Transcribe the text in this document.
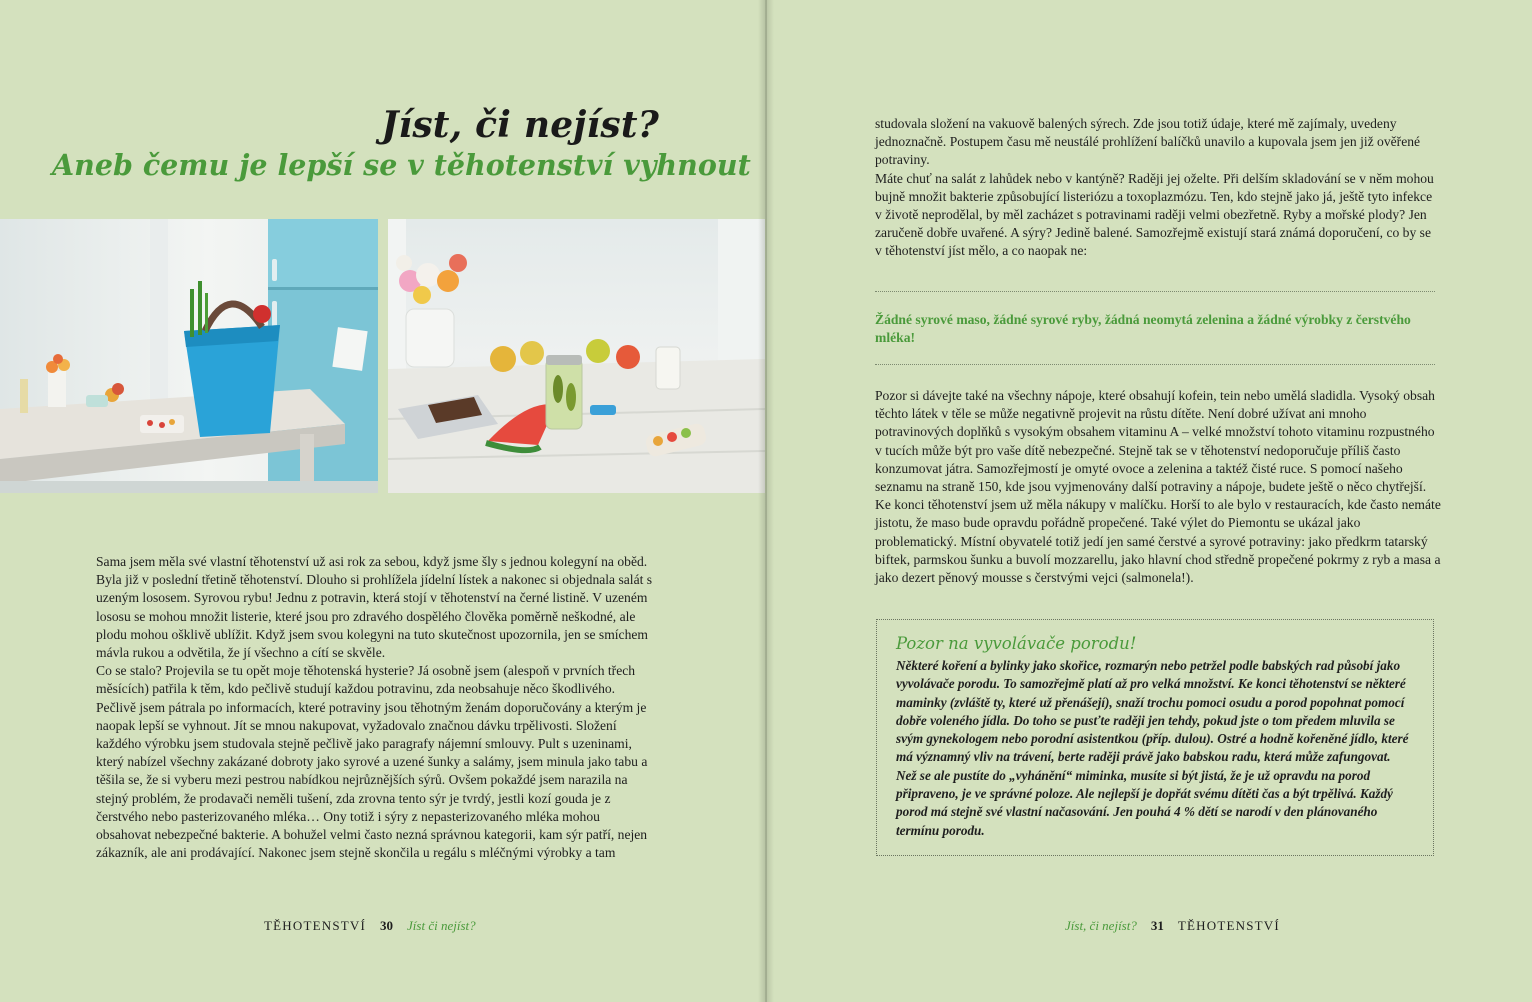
Jíst, či nejíst?
Aneb čemu je lepší se v těhotenství vyhnout

Sama jsem měla své vlastní těhotenství už asi rok za sebou, když jsme šly s jednou kolegyní na oběd. Byla již v poslední třetině těhotenství. Dlouho si prohlížela jídelní lístek a nakonec si objednala salát s uzeným lososem. Syrovou rybu! Jednu z potravin, která stojí v těhotenství na černé listině. V uzeném lososu se mohou množit listerie, které jsou pro zdravého dospělého člověka poměrně neškodné, ale plodu mohou ošklivě ublížit. Když jsem svou kolegyni na tuto skutečnost upozornila, jen se smíchem mávla rukou a odvětila, že jí všechno a cítí se skvěle.

Co se stalo? Projevila se tu opět moje těhotenská hysterie? Já osobně jsem (alespoň v prvních třech měsících) patřila k těm, kdo pečlivě studují každou potravinu, zda neobsahuje něco škodlivého. Pečlivě jsem pátrala po informacích, které potraviny jsou těhotným ženám doporučovány a kterým je naopak lepší se vyhnout. Jít se mnou nakupovat, vyžadovalo značnou dávku trpělivosti. Složení každého výrobku jsem studovala stejně pečlivě jako paragrafy nájemní smlouvy. Pult s uzeninami, který nabízel všechny zakázané dobroty jako syrové a uzené šunky a salámy, jsem minula jako tabu a těšila se, že si vyberu mezi pestrou nabídkou nejrůznějších sýrů. Ovšem pokaždé jsem narazila na stejný problém, že prodavači neměli tušení, zda zrovna tento sýr je tvrdý, jestli kozí gouda je z čerstvého nebo pasterizovaného mléka… Ony totiž i sýry z nepasterizovaného mléka mohou obsahovat nebezpečné bakterie. A bohužel velmi často nezná správnou kategorii, kam sýr patří, nejen zákazník, ale ani prodávající. Nakonec jsem stejně skončila u regálu s mléčnými výrobky a tam

TĚHOTENSTVÍ 30 Jíst či nejíst?

studovala složení na vakuově balených sýrech. Zde jsou totiž údaje, které mě zajímaly, uvedeny jednoznačně. Postupem času mě neustálé prohlížení balíčků unavilo a kupovala jsem jen již ověřené potraviny.

Máte chuť na salát z lahůdek nebo v kantýně? Raději jej oželte. Při delším skladování se v něm mohou bujně množit bakterie způsobující listeriózu a toxoplazmózu. Ten, kdo stejně jako já, ještě tyto infekce v životě neprodělal, by měl zacházet s potravinami raději velmi obezřetně. Ryby a mořské plody? Jen zaručeně dobře uvařené. A sýry? Jedině balené. Samozřejmě existují stará známá doporučení, co by se v těhotenství jíst mělo, a co naopak ne:

Žádné syrové maso, žádné syrové ryby, žádná neomytá zelenina a žádné výrobky z čerstvého mléka!

Pozor si dávejte také na všechny nápoje, které obsahují kofein, tein nebo umělá sladidla. Vysoký obsah těchto látek v těle se může negativně projevit na růstu dítěte. Není dobré užívat ani mnoho potravinových doplňků s vysokým obsahem vitaminu A – velké množství tohoto vitaminu rozpustného v tucích může být pro vaše dítě nebezpečné. Stejně tak se v těhotenství nedoporučuje příliš často konzumovat játra. Samozřejmostí je omyté ovoce a zelenina a taktéž čisté ruce. S pomocí našeho seznamu na straně 150, kde jsou vyjmenovány další potraviny a nápoje, budete ještě o něco chytřejší.

Ke konci těhotenství jsem už měla nákupy v malíčku. Horší to ale bylo v restauracích, kde často nemáte jistotu, že maso bude opravdu pořádně propečené. Také výlet do Piemontu se ukázal jako problematický. Místní obyvatelé totiž jedí jen samé čerstvé a syrové potraviny: jako předkrm tatarský biftek, parmskou šunku a buvolí mozzarellu, jako hlavní chod středně propečené pokrmy z ryb a masa a jako dezert pěnový mousse s čerstvými vejci (salmonela!).

Pozor na vyvolávače porodu!

Některé koření a bylinky jako skořice, rozmarýn nebo petržel podle babských rad působí jako vyvolávače porodu. To samozřejmě platí až pro velká množství. Ke konci těhotenství se některé maminky (zvláště ty, které už přenášejí), snaží trochu pomoci osudu a porod popohnat pomocí dobře voleného jídla. Do toho se pusťte raději jen tehdy, pokud jste o tom předem mluvila se svým gynekologem nebo porodní asistentkou (příp. dulou). Ostré a hodně kořeněné jídlo, které má významný vliv na trávení, berte raději právě jako babskou radu, která může zafungovat. Než se ale pustíte do „vyhánění“ miminka, musíte si být jistá, že je už opravdu na porod připraveno, je ve správné poloze. Ale nejlepší je dopřát svému dítěti čas a být trpělivá. Každý porod má stejně své vlastní načasování. Jen pouhá 4 % dětí se narodí v den plánovaného termínu porodu.

Jíst, či nejíst? 31 TĚHOTENSTVÍ
